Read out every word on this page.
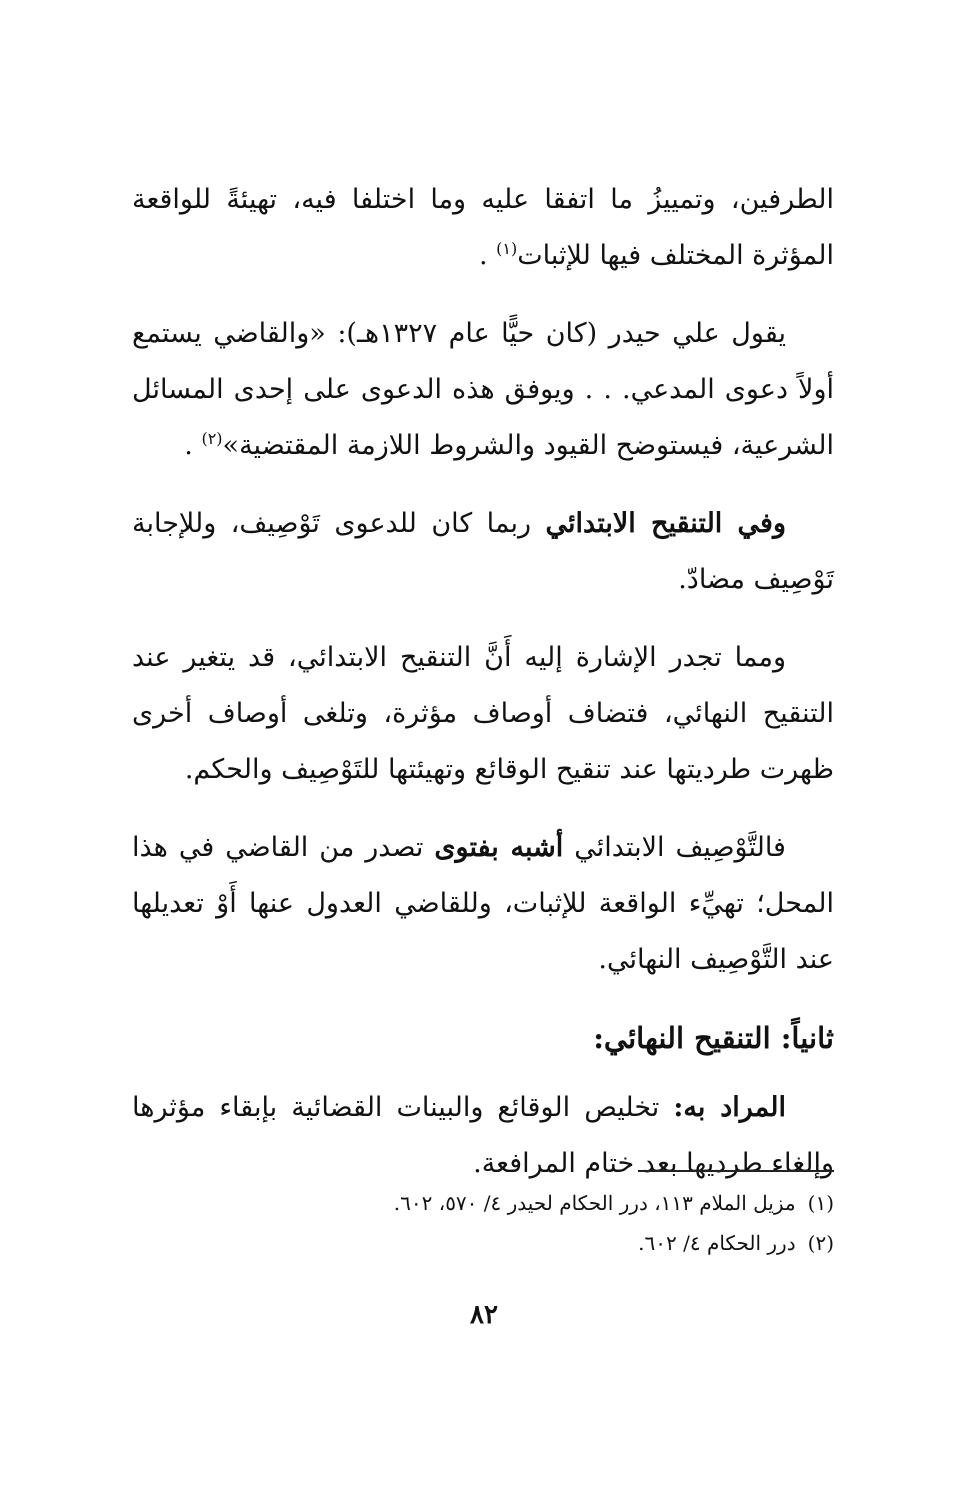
الطرفين، وتمييزُ ما اتفقا عليه وما اختلفا فيه، تهيئةً للواقعة المؤثرة المختلف فيها للإثبات$^{(١)}$ .

يقول علي حيدر (كان حيًّا عام ١٣٢٧هـ): «والقاضي يستمع أولاً دعوى المدعي. . . ويوفق هذه الدعوى على إحدى المسائل الشرعية، فيستوضح القيود والشروط اللازمة المقتضية»$^{(٢)}$ .

وفي التنقيح الابتدائي ربما كان للدعوى تَوْصِيف، وللإجابة تَوْصِيف مضادّ.

ومما تجدر الإشارة إليه أَنَّ التنقيح الابتدائي، قد يتغير عند التنقيح النهائي، فتضاف أوصاف مؤثرة، وتلغى أوصاف أخرى ظهرت طرديتها عند تنقيح الوقائع وتهيئتها للتَوْصِيف والحكم.

فالتَّوْصِيف الابتدائي أشبه بفتوى تصدر من القاضي في هذا المحل؛ تهيِّء الواقعة للإثبات، وللقاضي العدول عنها أَوْ تعديلها عند التَّوْصِيف النهائي.

ثانياً: التنقيح النهائي:

المراد به: تخليص الوقائع والبينات القضائية بإبقاء مؤثرها وإلغاء طرديها بعد ختام المرافعة.

(١)مزيل الملام ١١٣، درر الحكام لحيدر ٤/ ٥٧٠، ٦٠٢.
(٢)درر الحكام ٤/ ٦٠٢.
٨٢
